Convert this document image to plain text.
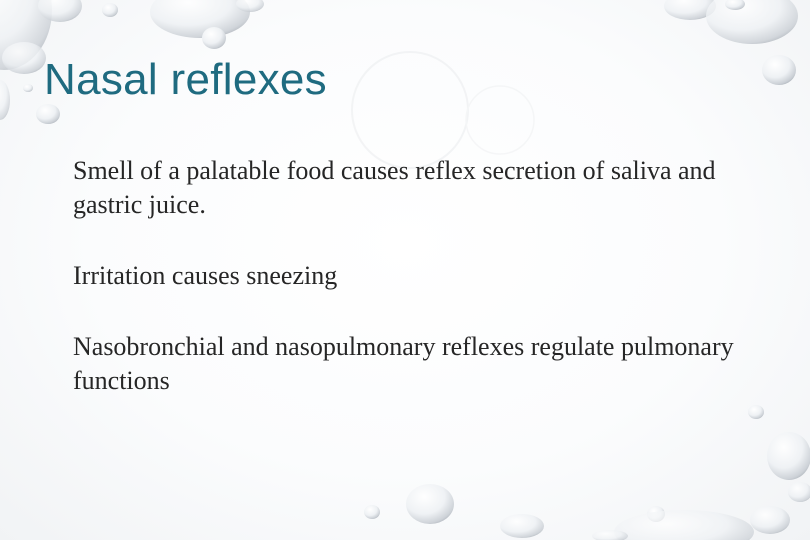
Nasal reflexes

Smell of a palatable food causes reflex secretion of saliva and gastric juice.

Irritation causes sneezing

Nasobronchial and nasopulmonary reflexes regulate pulmonary functions
